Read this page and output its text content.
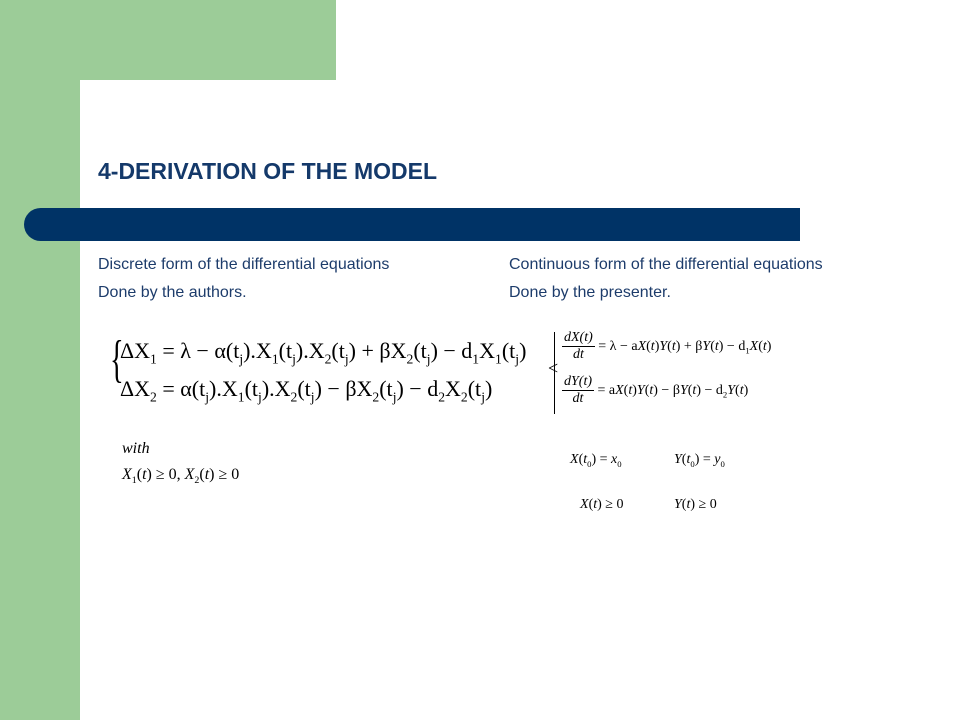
4-DERIVATION OF THE MODEL
Discrete form of the differential equations
Done by the authors.
Continuous form of the differential equations
Done by the presenter.
{
$\Delta X_1 = \lambda - \alpha(t_j).X_1(t_j).X_2(t_j) + \beta X_2(t_j) - d_1X_1(t_j)$
$\Delta X_2 = \alpha(t_j).X_1(t_j).X_2(t_j) - \beta X_2(t_j) - d_2X_2(t_j)$
with
$X_1(t) \ge 0$, $X_2(t) \ge 0$
<
$\frac{dX(t)}{dt} = \lambda - aX(t)Y(t) + \beta Y(t) - d_1X(t)$
$\frac{dY(t)}{dt} = aX(t)Y(t) - \beta Y(t) - d_2Y(t)$
$X(t_0) = x_0$	$Y(t_0) = y_0$
X(t) ≥ 0	Y(t) ≥ 0
